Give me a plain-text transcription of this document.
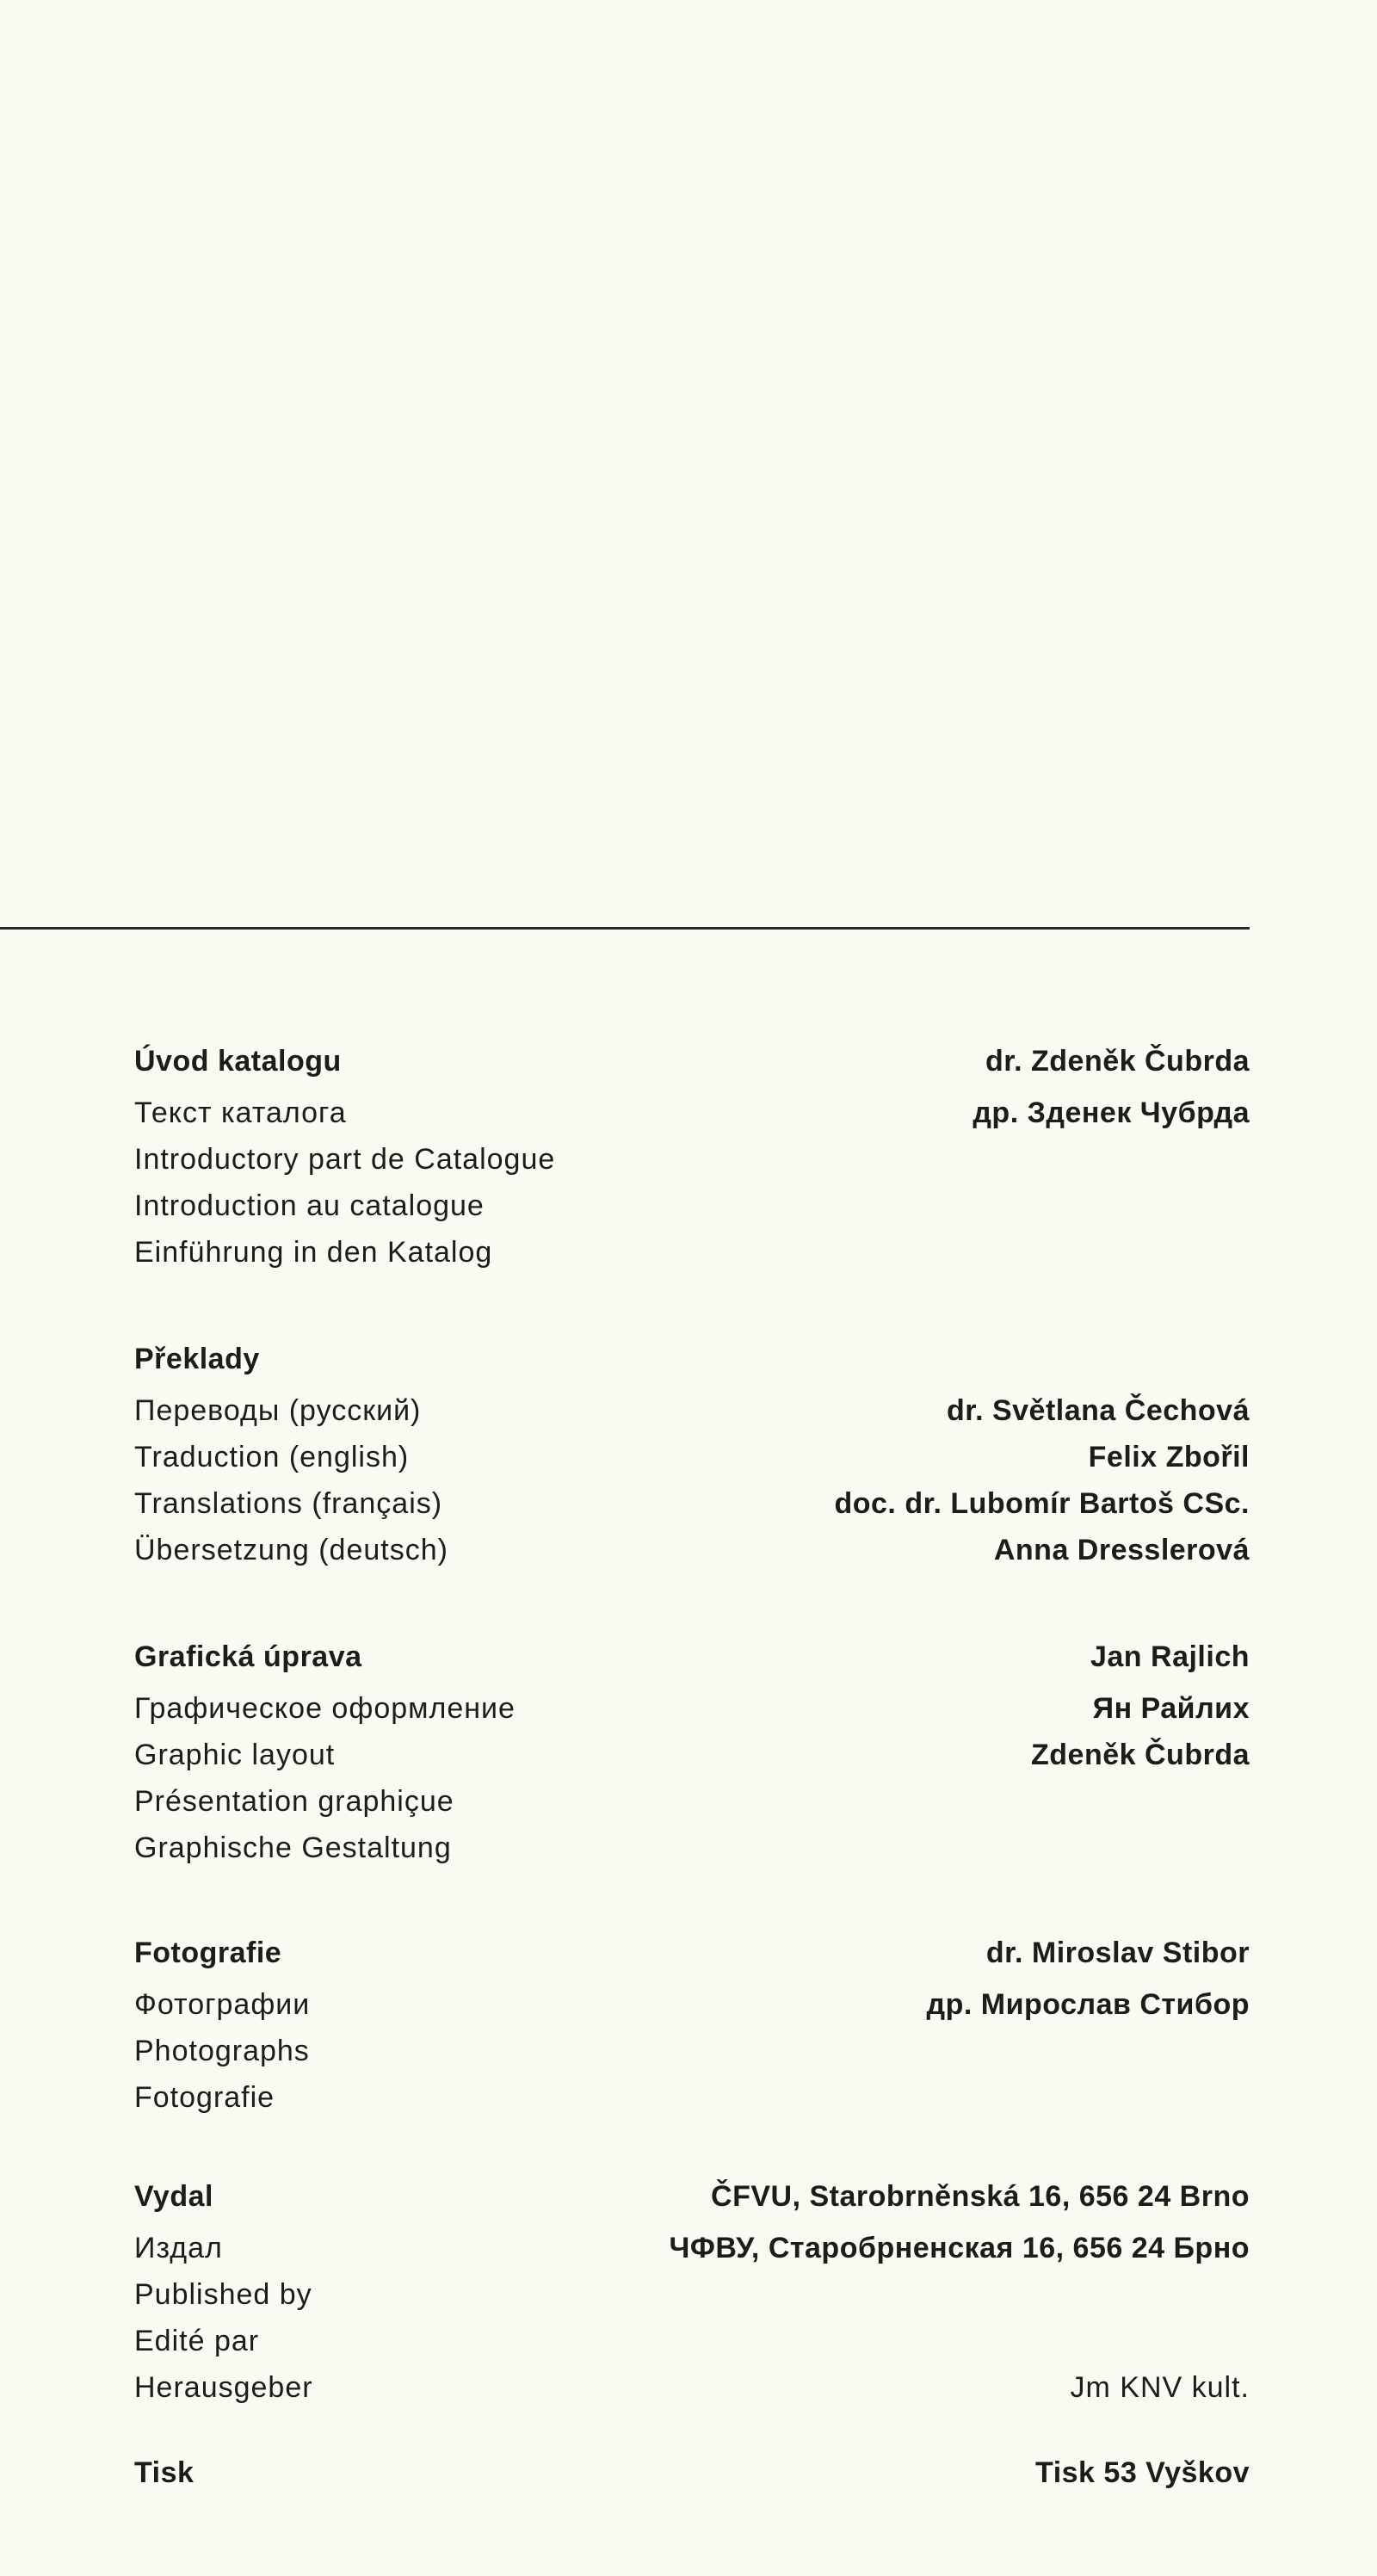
Úvod katalogu	dr. Zdeněk Čubrda
Текст каталога	др. Зденек Чубрда
Introductory part de Catalogue
Introduction au catalogue
Einführung in den Katalog
Překlady
Переводы (русский)	dr. Světlana Čechová
Traduction (english)	Felix Zbořil
Translations (français)	doc. dr. Lubomír Bartoš CSc.
Übersetzung (deutsch)	Anna Dresslerová
Grafická úprava	Jan Rajlich
Графическое оформление	Ян Райлих
Graphic layout	Zdeněk Čubrda
Présentation graphiçue
Graphische Gestaltung
Fotografie	dr. Miroslav Stibor
Фотографии	др. Мирослав Стибор
Photographs
Fotografie
Vydal	ČFVU, Starobrněnská 16, 656 24 Brno
Издал	ЧФВУ, Старобрненская 16, 656 24 Брно
Published by
Edité par
Herausgeber	Jm KNV kult.
Tisk	Tisk 53 Vyškov
